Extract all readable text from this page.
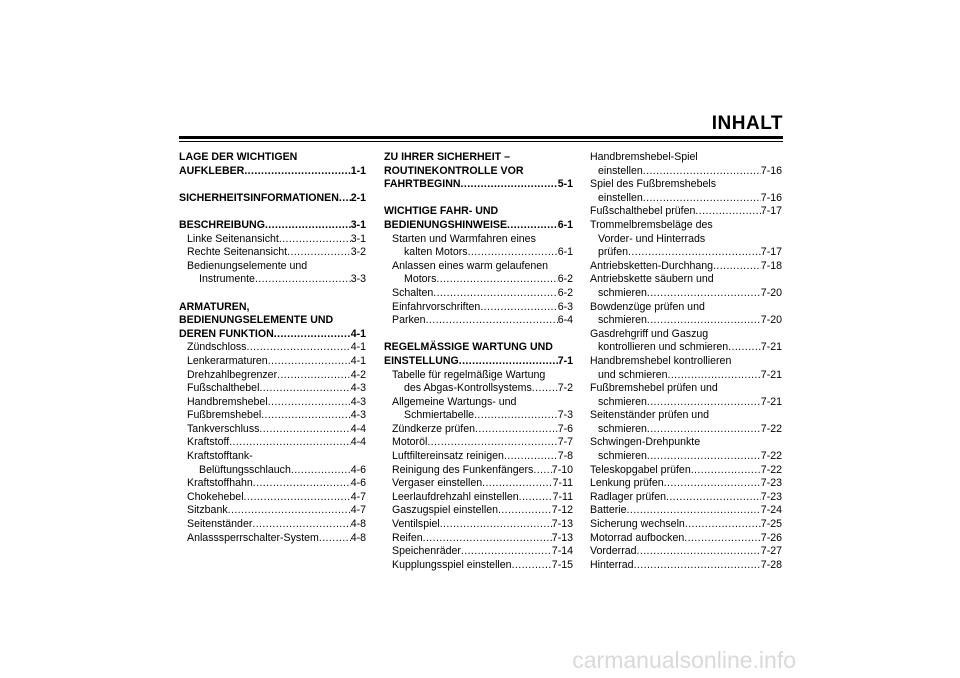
INHALT
LAGE DER WICHTIGEN
AUFKLEBER .....	1-1
SICHERHEITSINFORMATIONEN ..... 2-1
BESCHREIBUNG .....	3-1
Linke Seitenansicht .....	3-1
Rechte Seitenansicht .....	3-2
Bedienungselemente und
Instrumente .....	3-3
ARMATUREN,
BEDIENUNGSELEMENTE UND
DEREN FUNKTION .....	4-1
Zündschloss .....	4-1
Lenkerarmaturen .....	4-1
Drehzahlbegrenzer .....	4-2
Fußschalthebel .....	4-3
Handbremshebel .....	4-3
Fußbremshebel .....	4-3
Tankverschluss .....	4-4
Kraftstoff .....	4-4
Kraftstofftank-
Belüftungsschlauch .....	4-6
Kraftstoffhahn .....	4-6
Chokehebel .....	4-7
Sitzbank .....	4-7
Seitenständer .....	4-8
Anlasssperrschalter-System .....	4-8
ZU IHRER SICHERHEIT –
ROUTINEKONTROLLE VOR
FAHRTBEGINN .....	5-1
WICHTIGE FAHR- UND
BEDIENUNGSHINWEISE .....	6-1
Starten und Warmfahren eines
kalten Motors .....	6-1
Anlassen eines warm gelaufenen
Motors .....	6-2
Schalten .....	6-2
Einfahrvorschriften .....	6-3
Parken .....	6-4
REGELMÄSSIGE WARTUNG UND
EINSTELLUNG .....	7-1
Tabelle für regelmäßige Wartung
des Abgas-Kontrollsystems ..... 7-2
Allgemeine Wartungs- und
Schmiertabelle .....	7-3
Zündkerze prüfen .....	7-6
Motoröl .....	7-7
Luftfiltereinsatz reinigen .....	7-8
Reinigung des Funkenfängers ..... 7-10
Vergaser einstellen .....	7-11
Leerlaufdrehzahl einstellen .....	7-11
Gaszugspiel einstellen .....	7-12
Ventilspiel .....	7-13
Reifen .....	7-13
Speichenräder .....	7-14
Kupplungsspiel einstellen .....	7-15
Handbremshebel-Spiel
einstellen .....	7-16
Spiel des Fußbremshebels
einstellen .....	7-16
Fußschalthebel prüfen .....	7-17
Trommelbremsbeläge des
Vorder- und Hinterrads
prüfen .....	7-17
Antriebsketten-Durchhang .....	7-18
Antriebskette säubern und
schmieren .....	7-20
Bowdenzüge prüfen und
schmieren .....	7-20
Gasdrehgriff und Gaszug
kontrollieren und schmieren .....	7-21
Handbremshebel kontrollieren
und schmieren .....	7-21
Fußbremshebel prüfen und
schmieren .....	7-21
Seitenständer prüfen und
schmieren .....	7-22
Schwingen-Drehpunkte
schmieren .....	7-22
Teleskopgabel prüfen .....	7-22
Lenkung prüfen .....	7-23
Radlager prüfen .....	7-23
Batterie .....	7-24
Sicherung wechseln .....	7-25
Motorrad aufbocken .....	7-26
Vorderrad .....	7-27
Hinterrad .....	7-28
carmanualsonline.info
